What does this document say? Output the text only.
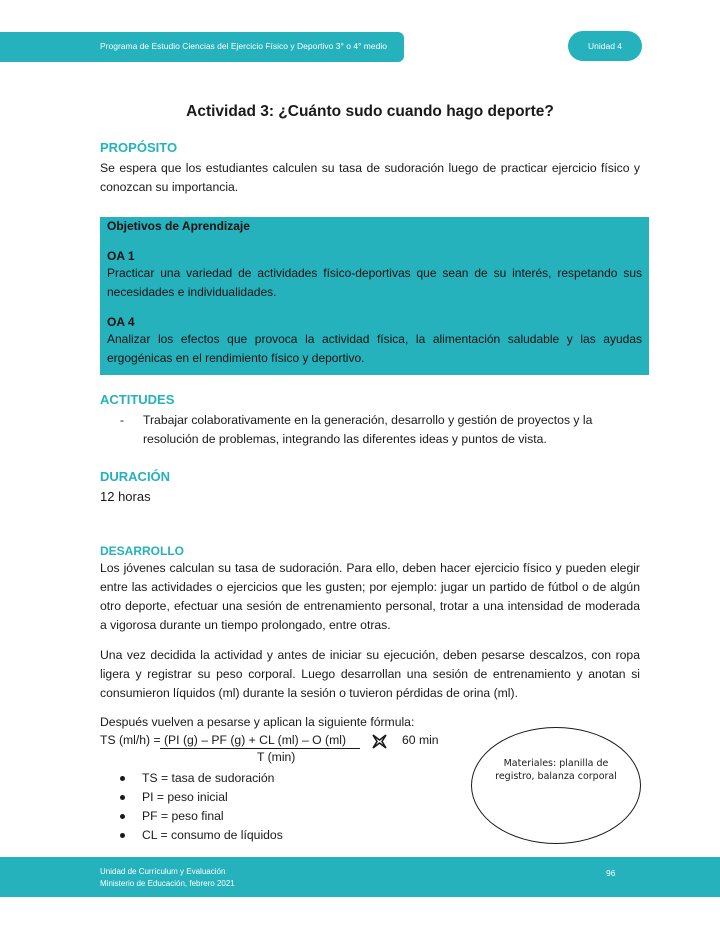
Programa de Estudio Ciencias del Ejercicio Físico y Deportivo 3° o 4° medio	Unidad 4
Actividad 3: ¿Cuánto sudo cuando hago deporte?
PROPÓSITO
Se espera que los estudiantes calculen su tasa de sudoración luego de practicar ejercicio físico y conozcan su importancia.
Objetivos de Aprendizaje
OA 1
Practicar una variedad de actividades físico-deportivas que sean de su interés, respetando sus necesidades e individualidades.
OA 4
Analizar los efectos que provoca la actividad física, la alimentación saludable y las ayudas ergogénicas en el rendimiento físico y deportivo.
ACTITUDES
- Trabajar colaborativamente en la generación, desarrollo y gestión de proyectos y la resolución de problemas, integrando las diferentes ideas y puntos de vista.
DURACIÓN
12 horas
DESARROLLO
Los jóvenes calculan su tasa de sudoración. Para ello, deben hacer ejercicio físico y pueden elegir entre las actividades o ejercicios que les gusten; por ejemplo: jugar un partido de fútbol o de algún otro deporte, efectuar una sesión de entrenamiento personal, trotar a una intensidad de moderada a vigorosa durante un tiempo prolongado, entre otras.
Una vez decidida la actividad y antes de iniciar su ejecución, deben pesarse descalzos, con ropa ligera y registrar su peso corporal. Luego desarrollan una sesión de entrenamiento y anotan si consumieron líquidos (ml) durante la sesión o tuvieron pérdidas de orina (ml).
Después vuelven a pesarse y aplican la siguiente fórmula:
TS (ml/h) = (PI (g) – PF (g) + CL (ml) – O (ml)
T (min)
60 min
TS = tasa de sudoración
PI = peso inicial
PF = peso final
CL = consumo de líquidos
Materiales: planilla de registro, balanza corporal
Unidad de Currículum y Evaluación
Ministerio de Educación, febrero 2021
96
